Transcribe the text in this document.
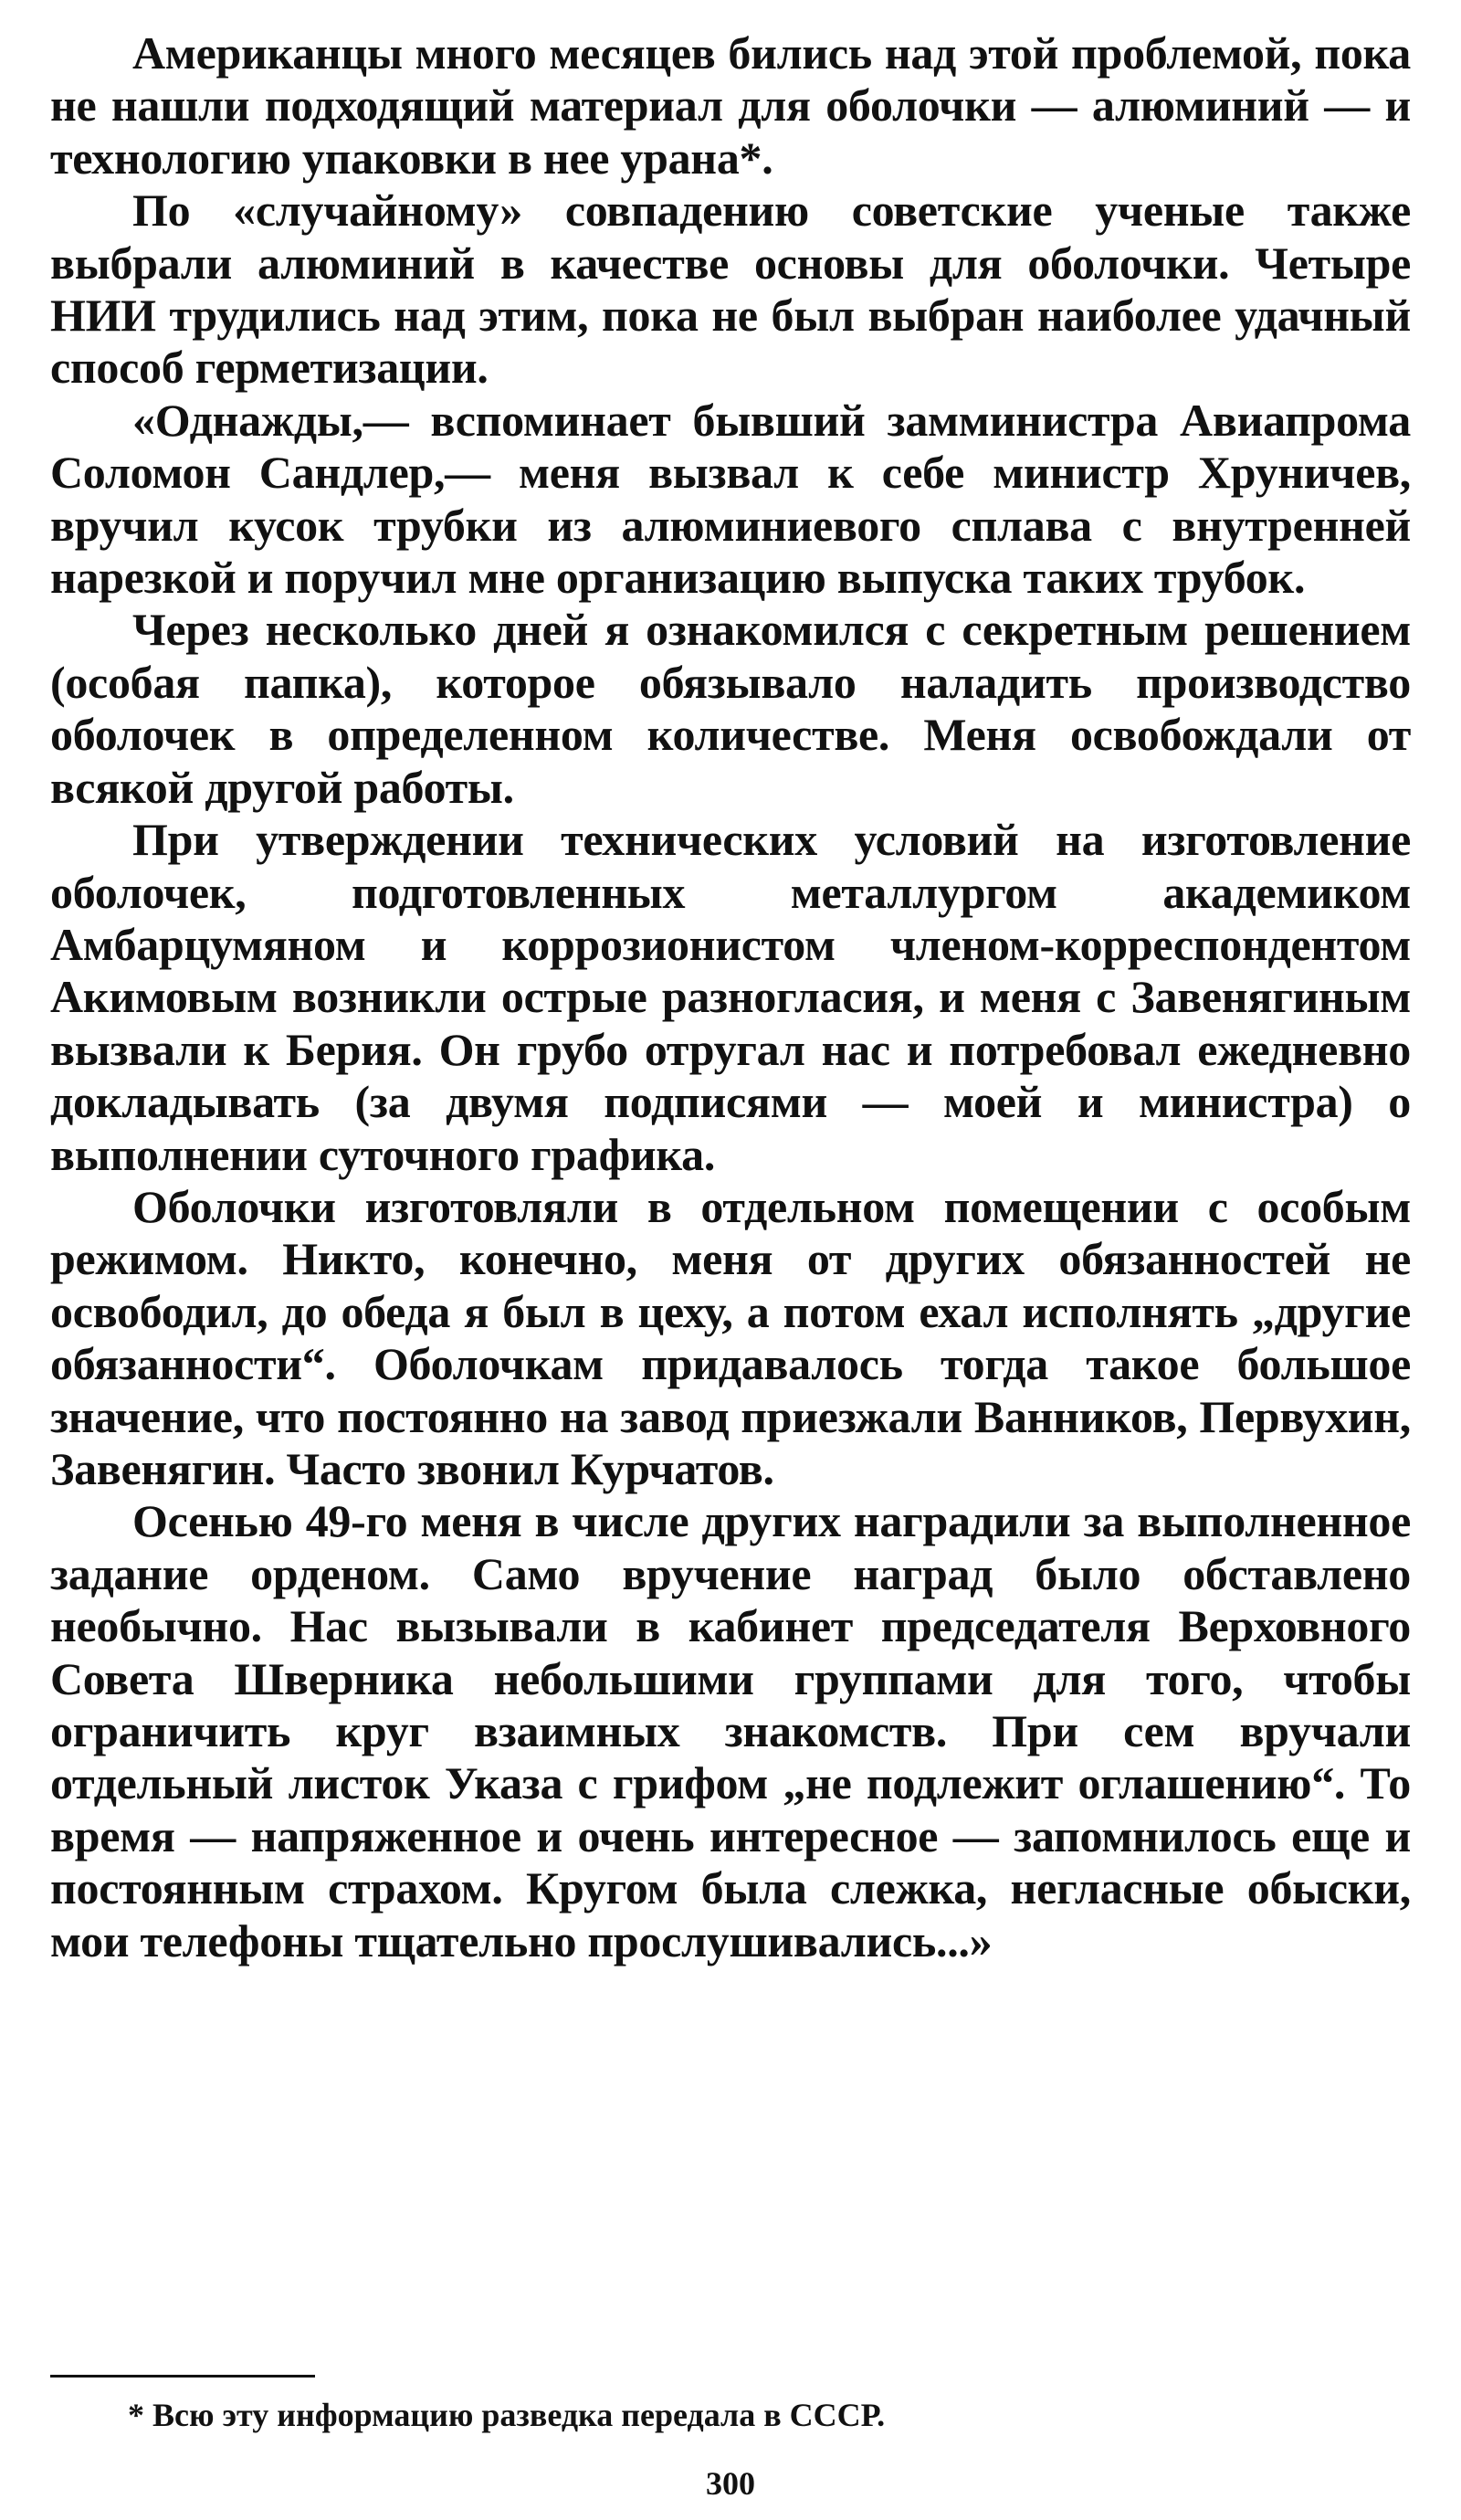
Американцы много месяцев бились над этой проблемой, пока не нашли подходящий материал для оболочки — алюминий — и технологию упаковки в нее урана*.

По «случайному» совпадению советские ученые также выбрали алюминий в качестве основы для оболочки. Четыре НИИ трудились над этим, пока не был выбран наиболее удачный способ герметизации.

«Однажды,— вспоминает бывший замминистра Авиапрома Соломон Сандлер,— меня вызвал к себе министр Хруничев, вручил кусок трубки из алюминиевого сплава с внутренней нарезкой и поручил мне организацию выпуска таких трубок.

Через несколько дней я ознакомился с секретным решением (особая папка), которое обязывало наладить производство оболочек в определенном количестве. Меня освобождали от всякой другой работы.

При утверждении технических условий на изготовление оболочек, подготовленных металлургом академиком Амбарцумяном и коррозионистом членом-корреспондентом Акимовым возникли острые разногласия, и меня с Завенягиным вызвали к Берия. Он грубо отругал нас и потребовал ежедневно докладывать (за двумя подписями — моей и министра) о выполнении суточного графика.

Оболочки изготовляли в отдельном помещении с особым режимом. Никто, конечно, меня от других обязанностей не освободил, до обеда я был в цеху, а потом ехал исполнять „другие обязанности“. Оболочкам придавалось тогда такое большое значение, что постоянно на завод приезжали Ванников, Первухин, Завенягин. Часто звонил Курчатов.

Осенью 49-го меня в числе других наградили за выполненное задание орденом. Само вручение наград было обставлено необычно. Нас вызывали в кабинет председателя Верховного Совета Шверника небольшими группами для того, чтобы ограничить круг взаимных знакомств. При сем вручали отдельный листок Указа с грифом „не подлежит оглашению“. То время — напряженное и очень интересное — запомнилось еще и постоянным страхом. Кругом была слежка, негласные обыски, мои телефоны тщательно прослушивались...»

* Всю эту информацию разведка передала в СССР.
300
